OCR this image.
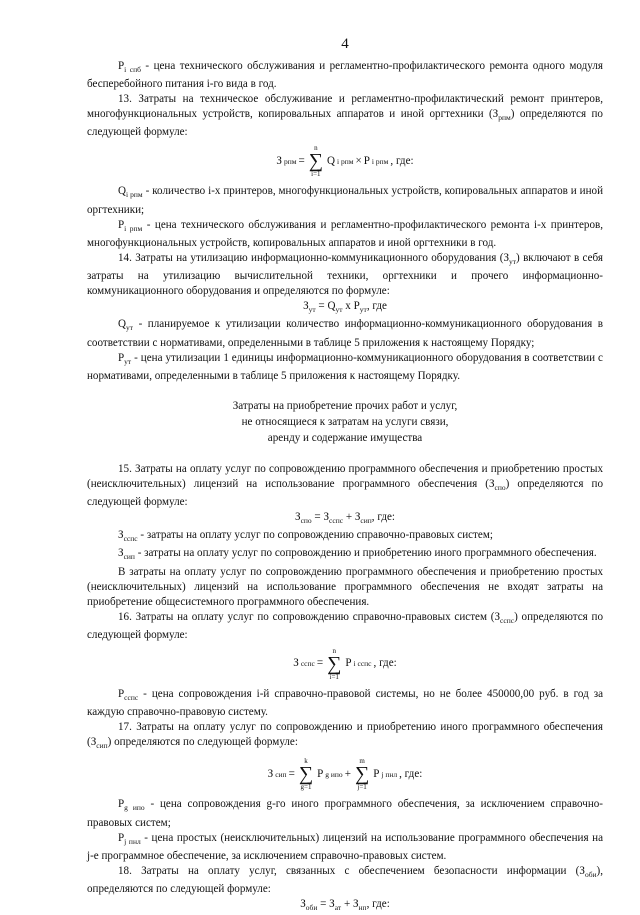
4

$Р_{i спб}$ - цена технического обслуживания и регламентно-профилактического ремонта одного модуля бесперебойного питания i-го вида в год.

13. Затраты на техническое обслуживание и регламентно-профилактический ремонт принтеров, многофункциональных устройств, копировальных аппаратов и иной оргтехники $(З_{рпм})$ определяются по следующей формуле:

З рпм =
n
∑
i=1
Q i рпм × P i рпм , где:

$Q_{i рпм}$ - количество i-х принтеров, многофункциональных устройств, копировальных аппаратов и иной оргтехники;

$Р_{i рпм}$ - цена технического обслуживания и регламентно-профилактического ремонта i-х принтеров, многофункциональных устройств, копировальных аппаратов и иной оргтехники в год.

14. Затраты на утилизацию информационно-коммуникационного оборудования $(З_{ут})$ включают в себя затраты на утилизацию вычислительной техники, оргтехники и прочего информационно-коммуникационного оборудования и определяются по формуле:

$З_{ут} = Q_{ут}$ x $Р_{ут}$, где

$Q_{ут}$ - планируемое к утилизации количество информационно-коммуникационного оборудования в соответствии с нормативами, определенными в таблице 5 приложения к настоящему Порядку;

$Р_{ут}$ - цена утилизации 1 единицы информационно-коммуникационного оборудования в соответствии с нормативами, определенными в таблице 5 приложения к настоящему Порядку.

Затраты на приобретение прочих работ и услуг,
не относящиеся к затратам на услуги связи,
аренду и содержание имущества

15. Затраты на оплату услуг по сопровождению программного обеспечения и приобретению простых (неисключительных) лицензий на использование программного обеспечения $(З_{спо})$ определяются по следующей формуле:

$З_{спо} = З_{сспс} + З_{сип}$, где:

$З_{сспс}$ - затраты на оплату услуг по сопровождению справочно-правовых систем;

$З_{сип}$ - затраты на оплату услуг по сопровождению и приобретению иного программного обеспечения.

В затраты на оплату услуг по сопровождению программного обеспечения и приобретению простых (неисключительных) лицензий на использование программного обеспечения не входят затраты на приобретение общесистемного программного обеспечения.

16. Затраты на оплату услуг по сопровождению справочно-правовых систем $(З_{сспс})$ определяются по следующей формуле:

З сспс =
n
∑
i=1
P i сспс , где:

$Р_{сспс}$ - цена сопровождения i-й справочно-правовой системы, но не более 450000,00 руб. в год за каждую справочно-правовую систему.

17. Затраты на оплату услуг по сопровождению и приобретению иного программного обеспечения $(З_{сип})$ определяются по следующей формуле:

З сип =
k
∑
g=1
P g ипо +
m
∑
j=1
P j пнл , где:

$Р_{g ипо}$ - цена сопровождения g-го иного программного обеспечения, за исключением справочно-правовых систем;

$Р_{j пнл}$ - цена простых (неисключительных) лицензий на использование программного обеспечения на j-е программное обеспечение, за исключением справочно-правовых систем.

18. Затраты на оплату услуг, связанных с обеспечением безопасности информации $(З_{оби})$, определяются по следующей формуле:

$З_{оби} = З_{ат} + З_{нп}$, где:
